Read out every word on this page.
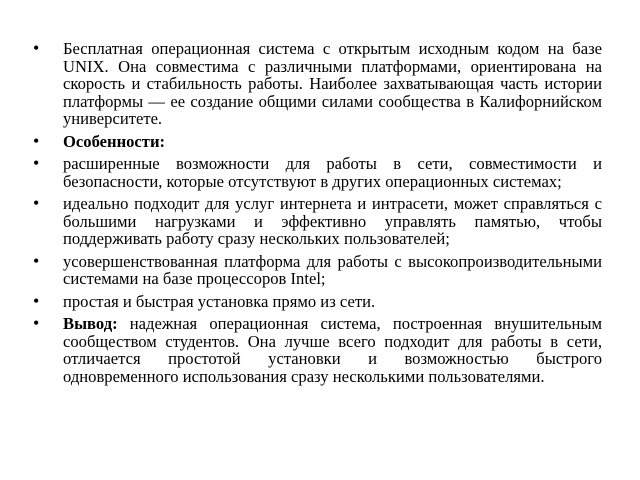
• Бесплатная операционная система с открытым исходным кодом на базе UNIX. Она совместима с различными платформами, ориентирована на скорость и стабильность работы. Наиболее захватывающая часть истории платформы — ее создание общими силами сообщества в Калифорнийском университете.
• Особенности:
• расширенные возможности для работы в сети, совместимости и безопасности, которые отсутствуют в других операционных системах;
• идеально подходит для услуг интернета и интрасети, может справляться с большими нагрузками и эффективно управлять памятью, чтобы поддерживать работу сразу нескольких пользователей;
• усовершенствованная платформа для работы с высокопроизводительными системами на базе процессоров Intel;
• простая и быстрая установка прямо из сети.
• Вывод: надежная операционная система, построенная внушительным сообществом студентов. Она лучше всего подходит для работы в сети, отличается простотой установки и возможностью быстрого одновременного использования сразу несколькими пользователями.
